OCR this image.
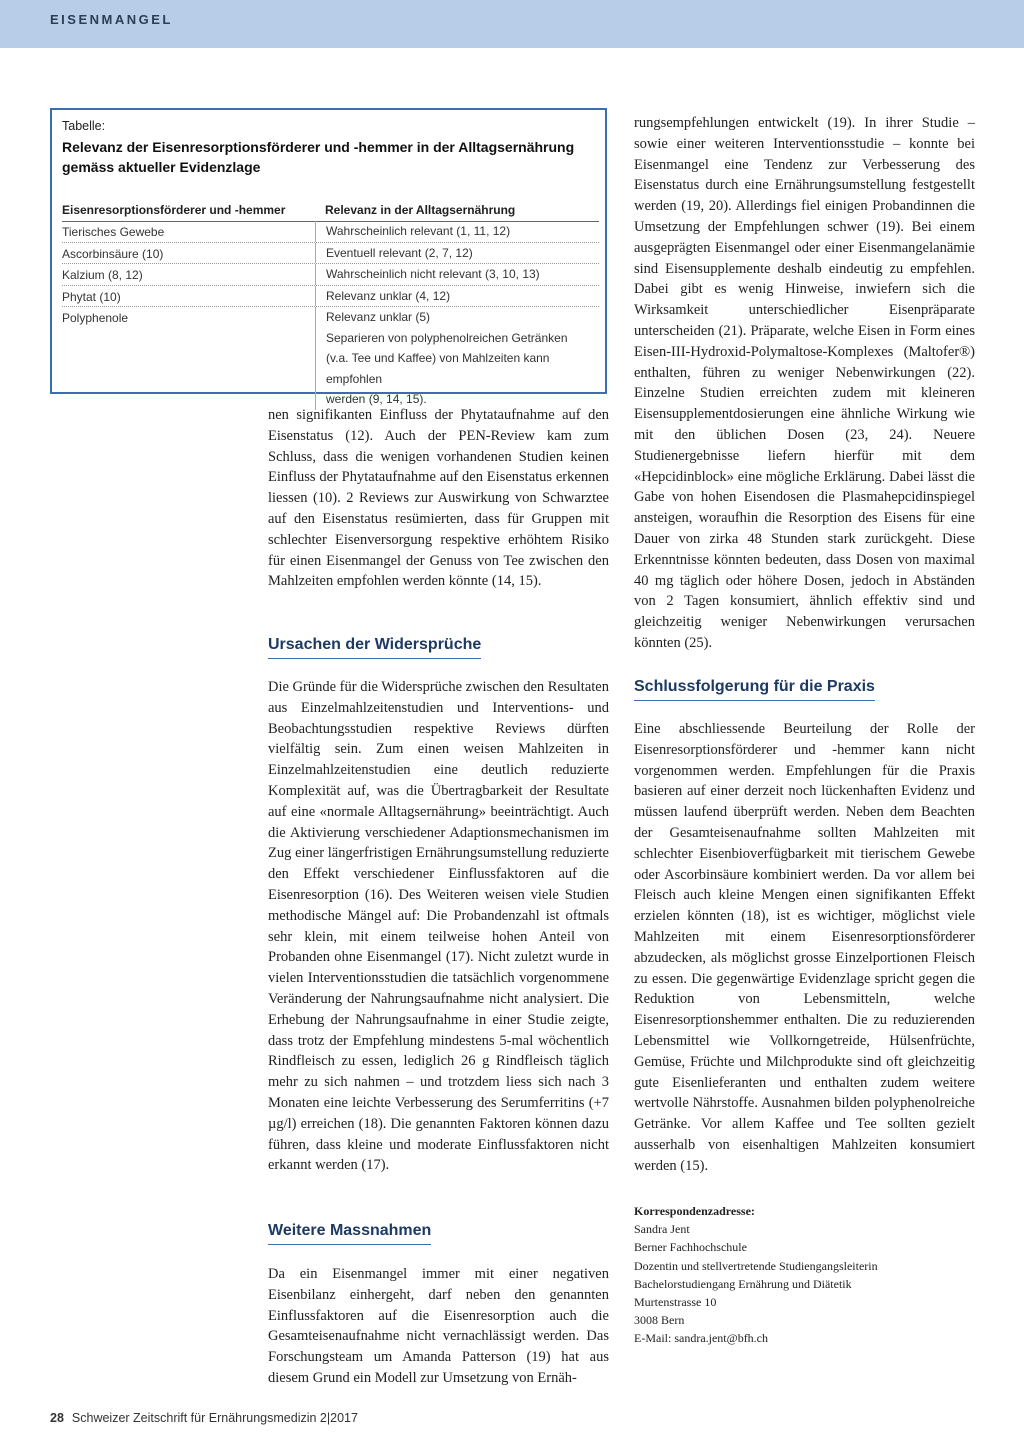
EISENMANGEL
Tabelle:
Relevanz der Eisenresorptionsförderer und -hemmer in der Alltagsernährung gemäss aktueller Evidenzlage
Eisenresorptionsförderer und -hemmer	Relevanz in der Alltagsernährung
Tierisches Gewebe	Wahrscheinlich relevant (1, 11, 12)
Ascorbinsäure (10)	Eventuell relevant (2, 7, 12)
Kalzium (8, 12)	Wahrscheinlich nicht relevant (3, 10, 13)
Phytat (10)	Relevanz unklar (4, 12)
Polyphenole	Relevanz unklar (5)
Separieren von polyphenolreichen Getränken
(v.a. Tee und Kaffee) von Mahlzeiten kann empfohlen
werden (9, 14, 15).

nen signifikanten Einfluss der Phytataufnahme auf den Eisenstatus (12). Auch der PEN-Review kam zum Schluss, dass die wenigen vorhandenen Studien keinen Einfluss der Phytataufnahme auf den Eisenstatus erkennen liessen (10). 2 Reviews zur Auswirkung von Schwarztee auf den Eisenstatus resümierten, dass für Gruppen mit schlechter Eisenversorgung respektive erhöhtem Risiko für einen Eisenmangel der Genuss von Tee zwischen den Mahlzeiten empfohlen werden könnte (14, 15).

Ursachen der Widersprüche

Die Gründe für die Widersprüche zwischen den Resultaten aus Einzelmahlzeitenstudien und Interventions- und Beobachtungsstudien respektive Reviews dürften vielfältig sein. Zum einen weisen Mahlzeiten in Einzelmahlzeitenstudien eine deutlich reduzierte Komplexität auf, was die Übertragbarkeit der Resultate auf eine «normale Alltagsernährung» beeinträchtigt. Auch die Aktivierung verschiedener Adaptionsmechanismen im Zug einer längerfristigen Ernährungsumstellung reduzierte den Effekt verschiedener Einflussfaktoren auf die Eisenresorption (16). Des Weiteren weisen viele Studien methodische Mängel auf: Die Probandenzahl ist oftmals sehr klein, mit einem teilweise hohen Anteil von Probanden ohne Eisenmangel (17). Nicht zuletzt wurde in vielen Interventionsstudien die tatsächlich vorgenommene Veränderung der Nahrungsaufnahme nicht analysiert. Die Erhebung der Nahrungsaufnahme in einer Studie zeigte, dass trotz der Empfehlung mindestens 5-mal wöchentlich Rindfleisch zu essen, lediglich 26 g Rindfleisch täglich mehr zu sich nahmen – und trotzdem liess sich nach 3 Monaten eine leichte Verbesserung des Serumferritins (+7 µg/l) erreichen (18). Die genannten Faktoren können dazu führen, dass kleine und moderate Einflussfaktoren nicht erkannt werden (17).

Weitere Massnahmen

Da ein Eisenmangel immer mit einer negativen Eisenbilanz einhergeht, darf neben den genannten Einflussfaktoren auf die Eisenresorption auch die Gesamteisenaufnahme nicht vernachlässigt werden. Das Forschungsteam um Amanda Patterson (19) hat aus diesem Grund ein Modell zur Umsetzung von Ernäh-

rungsempfehlungen entwickelt (19). In ihrer Studie – sowie einer weiteren Interventionsstudie – konnte bei Eisenmangel eine Tendenz zur Verbesserung des Eisenstatus durch eine Ernährungsumstellung festgestellt werden (19, 20). Allerdings fiel einigen Probandinnen die Umsetzung der Empfehlungen schwer (19). Bei einem ausgeprägten Eisenmangel oder einer Eisenmangelanämie sind Eisensupplemente deshalb eindeutig zu empfehlen. Dabei gibt es wenig Hinweise, inwiefern sich die Wirksamkeit unterschiedlicher Eisenpräparate unterscheiden (21). Präparate, welche Eisen in Form eines Eisen-III-Hydroxid-Polymaltose-Komplexes (Maltofer®) enthalten, führen zu weniger Nebenwirkungen (22). Einzelne Studien erreichten zudem mit kleineren Eisensupplementdosierungen eine ähnliche Wirkung wie mit den üblichen Dosen (23, 24). Neuere Studienergebnisse liefern hierfür mit dem «Hepcidinblock» eine mögliche Erklärung. Dabei lässt die Gabe von hohen Eisendosen die Plasmahepcidinspiegel ansteigen, woraufhin die Resorption des Eisens für eine Dauer von zirka 48 Stunden stark zurückgeht. Diese Erkenntnisse könnten bedeuten, dass Dosen von maximal 40 mg täglich oder höhere Dosen, jedoch in Abständen von 2 Tagen konsumiert, ähnlich effektiv sind und gleichzeitig weniger Nebenwirkungen verursachen könnten (25).

Schlussfolgerung für die Praxis

Eine abschliessende Beurteilung der Rolle der Eisenresorptionsförderer und -hemmer kann nicht vorgenommen werden. Empfehlungen für die Praxis basieren auf einer derzeit noch lückenhaften Evidenz und müssen laufend überprüft werden. Neben dem Beachten der Gesamteisenaufnahme sollten Mahlzeiten mit schlechter Eisenbioverfügbarkeit mit tierischem Gewebe oder Ascorbinsäure kombiniert werden. Da vor allem bei Fleisch auch kleine Mengen einen signifikanten Effekt erzielen könnten (18), ist es wichtiger, möglichst viele Mahlzeiten mit einem Eisenresorptionsförderer abzudecken, als möglichst grosse Einzelportionen Fleisch zu essen. Die gegenwärtige Evidenzlage spricht gegen die Reduktion von Lebensmitteln, welche Eisenresorptionshemmer enthalten. Die zu reduzierenden Lebensmittel wie Vollkorngetreide, Hülsenfrüchte, Gemüse, Früchte und Milchprodukte sind oft gleichzeitig gute Eisenlieferanten und enthalten zudem weitere wertvolle Nährstoffe. Ausnahmen bilden polyphenolreiche Getränke. Vor allem Kaffee und Tee sollten gezielt ausserhalb von eisenhaltigen Mahlzeiten konsumiert werden (15).

Korrespondenzadresse:
Sandra Jent
Berner Fachhochschule
Dozentin und stellvertretende Studiengangsleiterin
Bachelorstudiengang Ernährung und Diätetik
Murtenstrasse 10
3008 Bern
E-Mail: sandra.jent@bfh.ch
28 Schweizer Zeitschrift für Ernährungsmedizin 2|2017
